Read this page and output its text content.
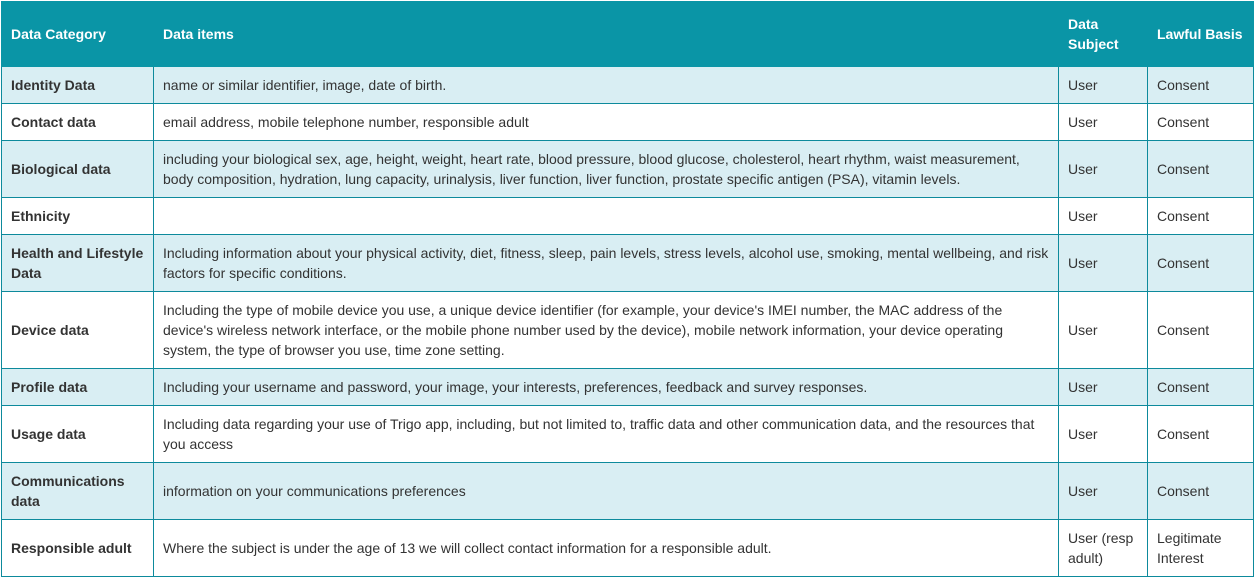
Data Category	Data items	Data Subject	Lawful Basis
Identity Data	name or similar identifier, image, date of birth.	User	Consent
Contact data	email address, mobile telephone number, responsible adult	User	Consent
Biological data	including your biological sex, age, height, weight, heart rate, blood pressure, blood glucose, cholesterol, heart rhythm, waist measurement, body composition, hydration, lung capacity, urinalysis, liver function, liver function, prostate specific antigen (PSA), vitamin levels.	User	Consent
Ethnicity		User	Consent
Health and Lifestyle Data	Including information about your physical activity, diet, fitness, sleep, pain levels, stress levels, alcohol use, smoking, mental wellbeing, and risk factors for specific conditions.	User	Consent
Device data	Including the type of mobile device you use, a unique device identifier (for example, your device's IMEI number, the MAC address of the device's wireless network interface, or the mobile phone number used by the device), mobile network information, your device operating system, the type of browser you use, time zone setting.	User	Consent
Profile data	Including your username and password, your image, your interests, preferences, feedback and survey responses.	User	Consent
Usage data	Including data regarding your use of Trigo app, including, but not limited to, traffic data and other communication data, and the resources that you access	User	Consent
Communications data	information on your communications preferences	User	Consent
Responsible adult	Where the subject is under the age of 13 we will collect contact information for a responsible adult.	User (resp adult)	Legitimate Interest
